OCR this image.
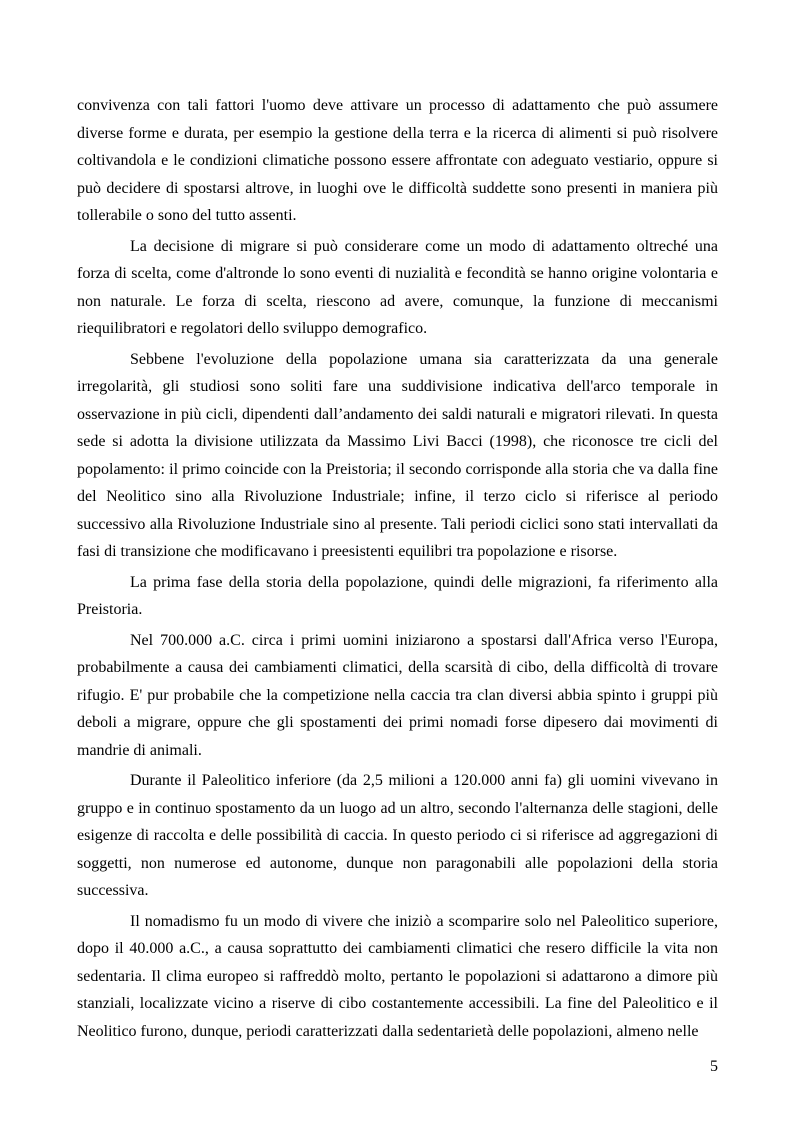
convivenza con tali fattori l'uomo deve attivare un processo di adattamento che può assumere diverse forme e durata, per esempio la gestione della terra e la ricerca di alimenti si può risolvere coltivandola e le condizioni climatiche possono essere affrontate con adeguato vestiario, oppure si può decidere di spostarsi altrove, in luoghi ove le difficoltà suddette sono presenti in maniera più tollerabile o sono del tutto assenti.

La decisione di migrare si può considerare come un modo di adattamento oltreché una forza di scelta, come d'altronde lo sono eventi di nuzialità e fecondità se hanno origine volontaria e non naturale. Le forza di scelta, riescono ad avere, comunque, la funzione di meccanismi riequilibratori e regolatori dello sviluppo demografico.

Sebbene l'evoluzione della popolazione umana sia caratterizzata da una generale irregolarità, gli studiosi sono soliti fare una suddivisione indicativa dell'arco temporale in osservazione in più cicli, dipendenti dall’andamento dei saldi naturali e migratori rilevati. In questa sede si adotta la divisione utilizzata da Massimo Livi Bacci (1998), che riconosce tre cicli del popolamento: il primo coincide con la Preistoria; il secondo corrisponde alla storia che va dalla fine del Neolitico sino alla Rivoluzione Industriale; infine, il terzo ciclo si riferisce al periodo successivo alla Rivoluzione Industriale sino al presente. Tali periodi ciclici sono stati intervallati da fasi di transizione che modificavano i preesistenti equilibri tra popolazione e risorse.

La prima fase della storia della popolazione, quindi delle migrazioni, fa riferimento alla Preistoria.

Nel 700.000 a.C. circa i primi uomini iniziarono a spostarsi dall'Africa verso l'Europa, probabilmente a causa dei cambiamenti climatici, della scarsità di cibo, della difficoltà di trovare rifugio. E' pur probabile che la competizione nella caccia tra clan diversi abbia spinto i gruppi più deboli a migrare, oppure che gli spostamenti dei primi nomadi forse dipesero dai movimenti di mandrie di animali.

Durante il Paleolitico inferiore (da 2,5 milioni a 120.000 anni fa) gli uomini vivevano in gruppo e in continuo spostamento da un luogo ad un altro, secondo l'alternanza delle stagioni, delle esigenze di raccolta e delle possibilità di caccia. In questo periodo ci si riferisce ad aggregazioni di soggetti, non numerose ed autonome, dunque non paragonabili alle popolazioni della storia successiva.

Il nomadismo fu un modo di vivere che iniziò a scomparire solo nel Paleolitico superiore, dopo il 40.000 a.C., a causa soprattutto dei cambiamenti climatici che resero difficile la vita non sedentaria. Il clima europeo si raffreddò molto, pertanto le popolazioni si adattarono a dimore più stanziali, localizzate vicino a riserve di cibo costantemente accessibili. La fine del Paleolitico e il Neolitico furono, dunque, periodi caratterizzati dalla sedentarietà delle popolazioni, almeno nelle

5
